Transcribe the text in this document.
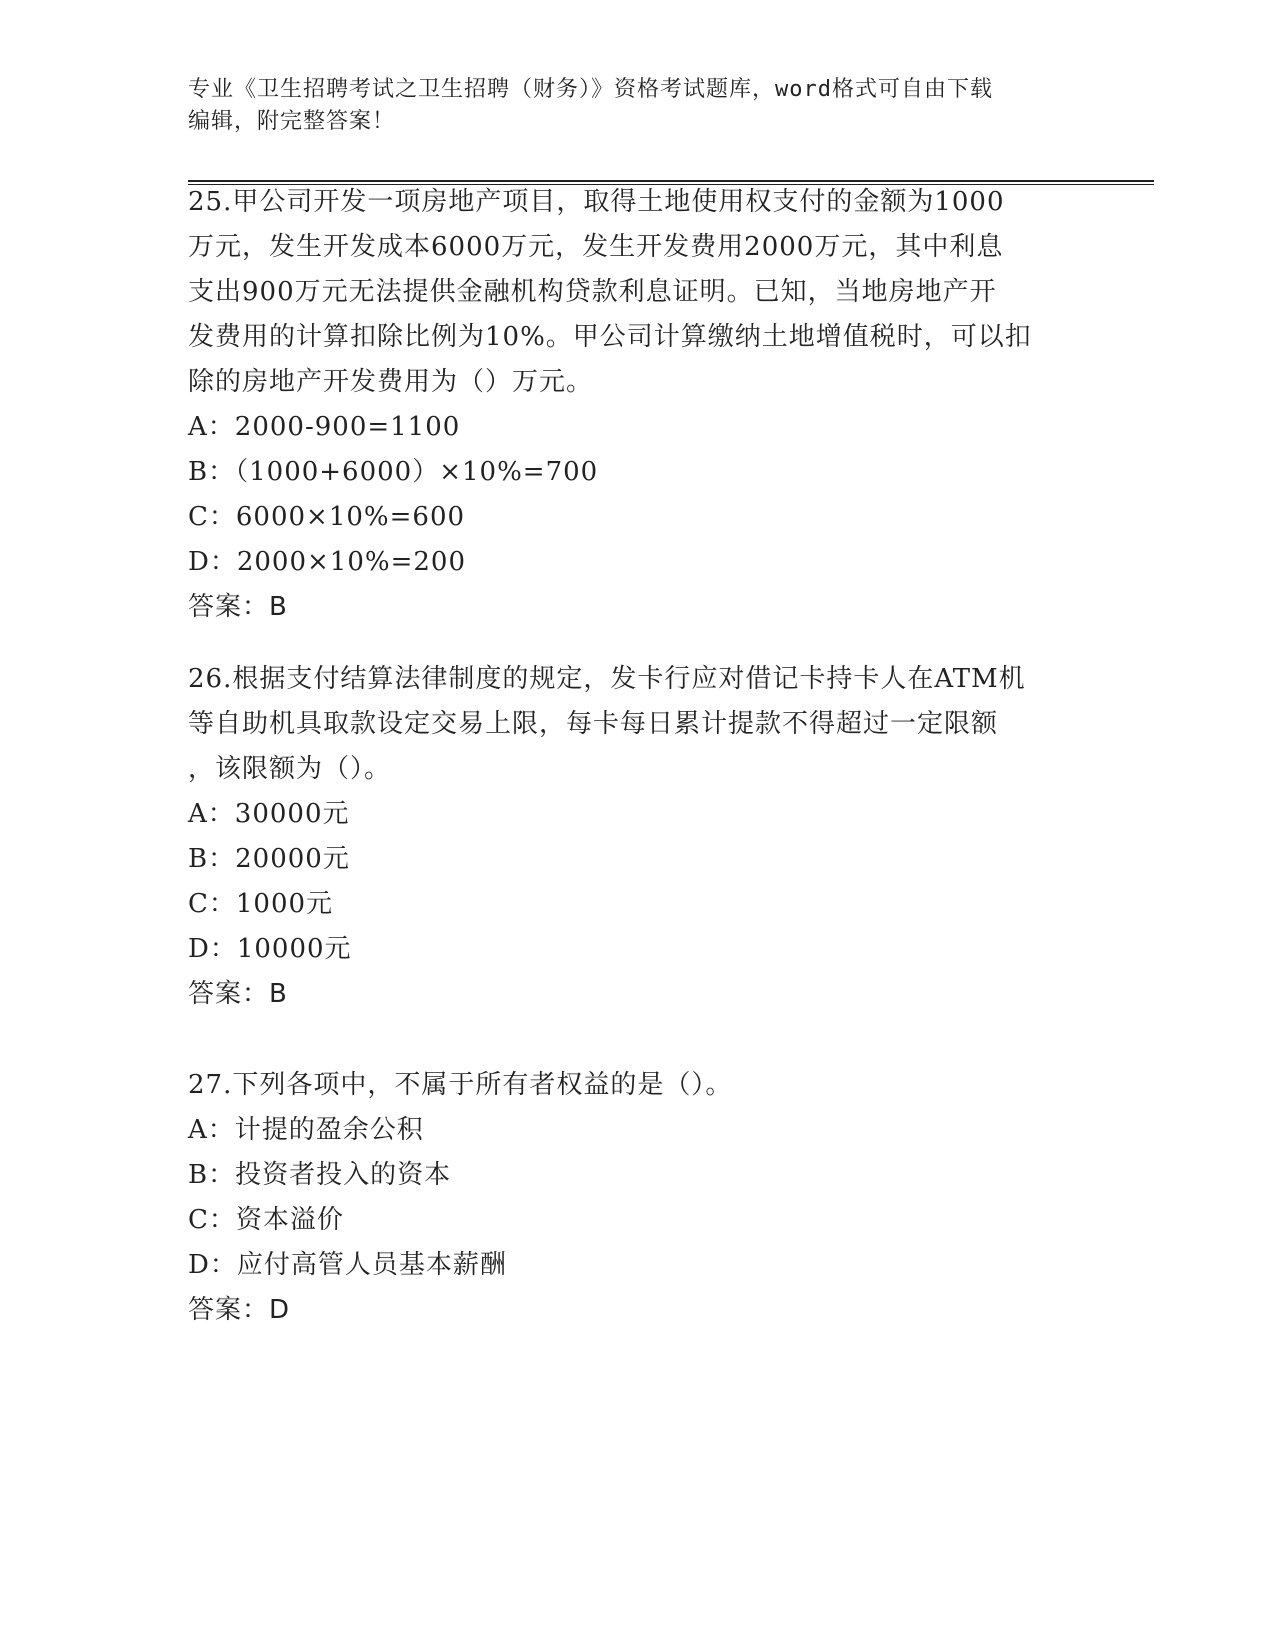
专业《卫生招聘考试之卫生招聘（财务）》资格考试题库，word格式可自由下载
编辑，附完整答案！
25.甲公司开发一项房地产项目，取得土地使用权支付的金额为1000
万元，发生开发成本6000万元，发生开发费用2000万元，其中利息
支出900万元无法提供金融机构贷款利息证明。已知，当地房地产开
发费用的计算扣除比例为10%。甲公司计算缴纳土地增值税时，可以扣
除的房地产开发费用为（）万元。
A：2000-900=1100
B：（1000+6000）×10%=700
C：6000×10%=600
D：2000×10%=200
答案：B
26.根据支付结算法律制度的规定，发卡行应对借记卡持卡人在ATM机
等自助机具取款设定交易上限，每卡每日累计提款不得超过一定限额
，该限额为（）。
A：30000元
B：20000元
C：1000元
D：10000元
答案：B
27.下列各项中，不属于所有者权益的是（）。
A：计提的盈余公积
B：投资者投入的资本
C：资本溢价
D：应付高管人员基本薪酬
答案：D
